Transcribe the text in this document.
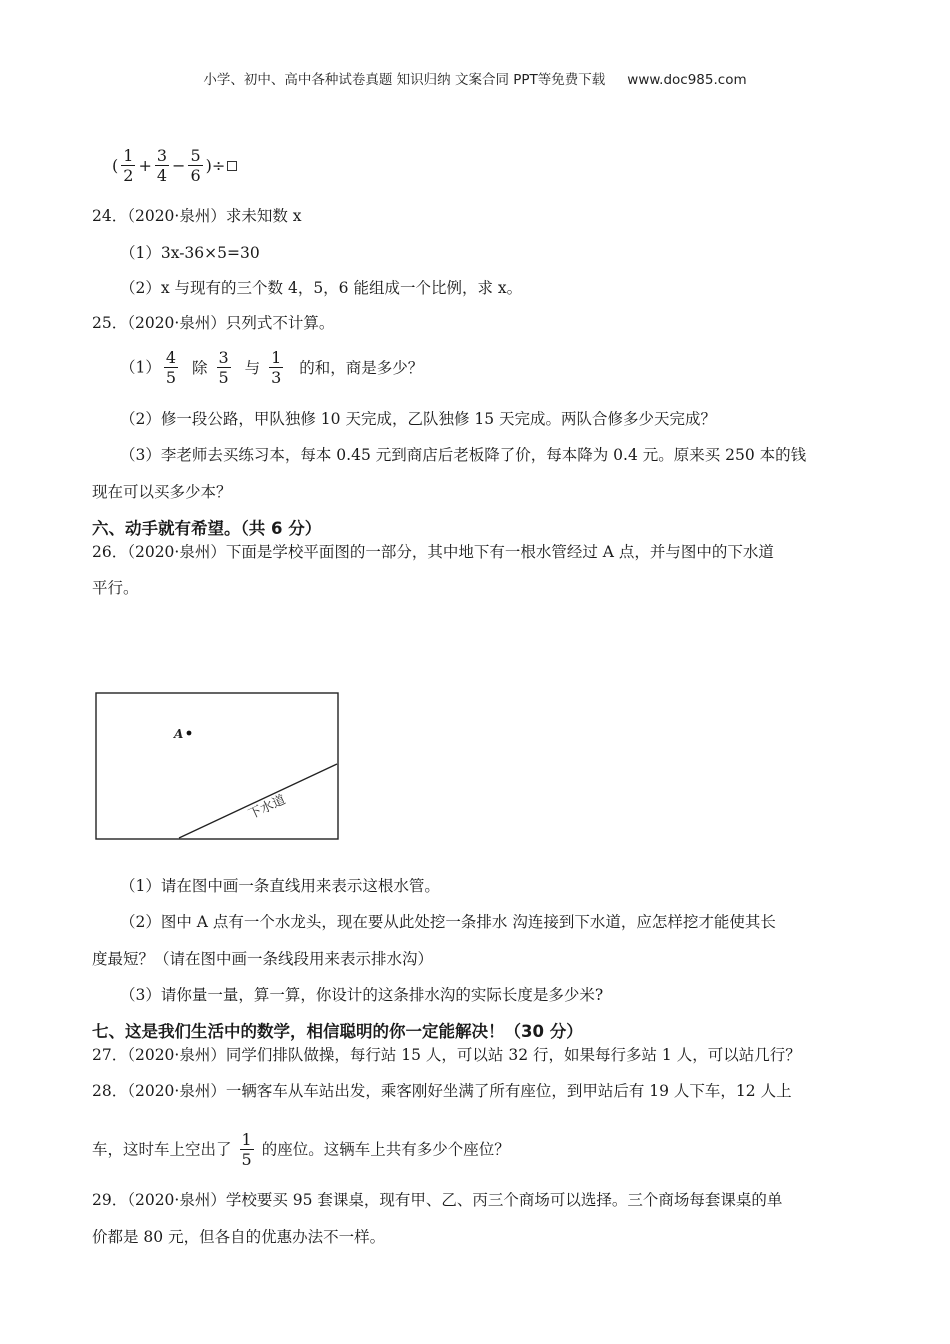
小学、初中、高中各种试卷真题 知识归纳 文案合同 PPT等免费下载 www.doc985.com
( $\frac{1}{2} + \frac{3}{4} - \frac{5}{6}$ )÷
24．（2020·泉州）求未知数 x
（1）3x-36×5=30
（2）x 与现有的三个数 4，5，6 能组成一个比例，求 x。
25．（2020·泉州）只列式不计算。
$(1) \frac{4}{5}$ 除 $\frac{3}{5}$ 与 $\frac{1}{3}$ 的和，商是多少？
（2）修一段公路，甲队独修 10 天完成，乙队独修 15 天完成。两队合修多少天完成？
（3）李老师去买练习本，每本 0.45 元到商店后老板降了价，每本降为 0.4 元。原来买 250 本的钱
现在可以买多少本？
六、动手就有希望。（共 6 分）
26．（2020·泉州）下面是学校平面图的一部分，其中地下有一根水管经过 A 点，并与图中的下水道
平行。
A
下水道
（1）请在图中画一条直线用来表示这根水管。
（2）图中 A 点有一个水龙头，现在要从此处挖一条排水 沟连接到下水道，应怎样挖才能使其长
度最短？（请在图中画一条线段用来表示排水沟）
（3）请你量一量，算一算，你设计的这条排水沟的实际长度是多少米?
七、这是我们生活中的数学，相信聪明的你一定能解决！（30 分）
27．（2020·泉州）同学们排队做操，每行站 15 人，可以站 32 行，如果每行多站 1 人，可以站几行？
28．（2020·泉州）一辆客车从车站出发，乘客刚好坐满了所有座位，到甲站后有 19 人下车，12 人上
车，这时车上空出了 $\frac{1}{5}$ 的座位。这辆车上共有多少个座位？
29．（2020·泉州）学校要买 95 套课桌，现有甲、乙、丙三个商场可以选择。三个商场每套课桌的单
价都是 80 元，但各自的优惠办法不一样。
